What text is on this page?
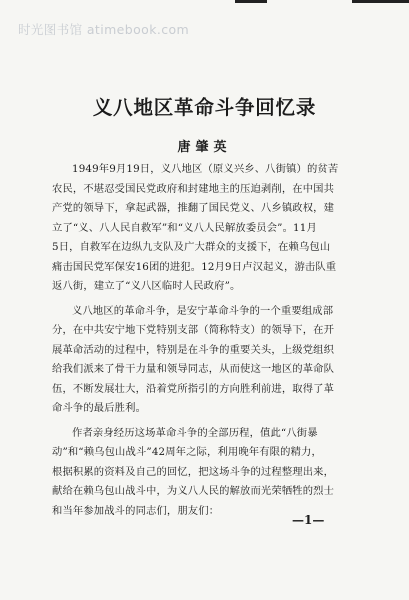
时光图书馆 atimebook.com
义八地区革命斗争回忆录
唐肇英
1949年9月19日，义八地区（原义兴乡、八街镇）的贫苦
农民，不堪忍受国民党政府和封建地主的压迫剥削，在中国共
产党的领导下，拿起武器，推翻了国民党义、八乡镇政权，建
立了“义、八人民自救军”和“义八人民解放委员会”。11月
5日，自救军在边纵九支队及广大群众的支援下，在赖乌包山
痛击国民党军保安16团的进犯。12月9日卢汉起义，游击队重
返八街，建立了“义八区临时人民政府”。
义八地区的革命斗争，是安宁革命斗争的一个重要组成部
分，在中共安宁地下党特别支部（简称特支）的领导下，在开
展革命活动的过程中，特别是在斗争的重要关头，上级党组织
给我们派来了骨干力量和领导同志，从而使这一地区的革命队
伍，不断发展壮大，沿着党所指引的方向胜利前进，取得了革
命斗争的最后胜利。
作者亲身经历这场革命斗争的全部历程，值此“八街暴
动”和“赖乌包山战斗”42周年之际，利用晚年有限的精力，
根据积累的资料及自己的回忆，把这场斗争的过程整理出来，
献给在赖乌包山战斗中，为义八人民的解放而光荣牺牲的烈士
和当年参加战斗的同志们，朋友们：
—1—
